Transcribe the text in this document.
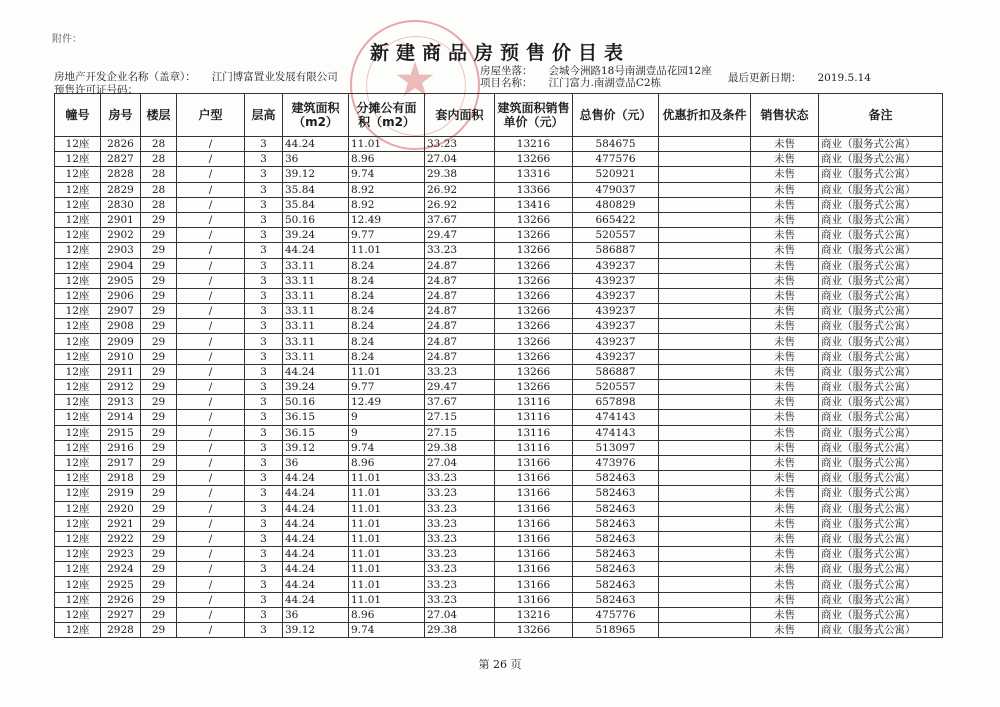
附件：
★
新建商品房预售价目表
房地产开发企业名称（盖章）： 江门博富置业发展有限公司
预售许可证号码：
房屋坐落： 会城今洲路18号南湖壹品花园12座
项目名称： 江门富力.南湖壹品C2栋	最后更新日期： 2019.5.14
幢号	房号	楼层	户型	层高	建筑面积（m2）	分摊公有面积（m2）	套内面积	建筑面积销售单价（元）	总售价（元）	优惠折扣及条件	销售状态	备注
12座	2826	28	/	3	44.24	11.01	33.23	13216	584675		未售	商业（服务式公寓）
12座	2827	28	/	3	36	8.96	27.04	13266	477576		未售	商业（服务式公寓）
12座	2828	28	/	3	39.12	9.74	29.38	13316	520921		未售	商业（服务式公寓）
12座	2829	28	/	3	35.84	8.92	26.92	13366	479037		未售	商业（服务式公寓）
12座	2830	28	/	3	35.84	8.92	26.92	13416	480829		未售	商业（服务式公寓）
12座	2901	29	/	3	50.16	12.49	37.67	13266	665422		未售	商业（服务式公寓）
12座	2902	29	/	3	39.24	9.77	29.47	13266	520557		未售	商业（服务式公寓）
12座	2903	29	/	3	44.24	11.01	33.23	13266	586887		未售	商业（服务式公寓）
12座	2904	29	/	3	33.11	8.24	24.87	13266	439237		未售	商业（服务式公寓）
12座	2905	29	/	3	33.11	8.24	24.87	13266	439237		未售	商业（服务式公寓）
12座	2906	29	/	3	33.11	8.24	24.87	13266	439237		未售	商业（服务式公寓）
12座	2907	29	/	3	33.11	8.24	24.87	13266	439237		未售	商业（服务式公寓）
12座	2908	29	/	3	33.11	8.24	24.87	13266	439237		未售	商业（服务式公寓）
12座	2909	29	/	3	33.11	8.24	24.87	13266	439237		未售	商业（服务式公寓）
12座	2910	29	/	3	33.11	8.24	24.87	13266	439237		未售	商业（服务式公寓）
12座	2911	29	/	3	44.24	11.01	33.23	13266	586887		未售	商业（服务式公寓）
12座	2912	29	/	3	39.24	9.77	29.47	13266	520557		未售	商业（服务式公寓）
12座	2913	29	/	3	50.16	12.49	37.67	13116	657898		未售	商业（服务式公寓）
12座	2914	29	/	3	36.15	9	27.15	13116	474143		未售	商业（服务式公寓）
12座	2915	29	/	3	36.15	9	27.15	13116	474143		未售	商业（服务式公寓）
12座	2916	29	/	3	39.12	9.74	29.38	13116	513097		未售	商业（服务式公寓）
12座	2917	29	/	3	36	8.96	27.04	13166	473976		未售	商业（服务式公寓）
12座	2918	29	/	3	44.24	11.01	33.23	13166	582463		未售	商业（服务式公寓）
12座	2919	29	/	3	44.24	11.01	33.23	13166	582463		未售	商业（服务式公寓）
12座	2920	29	/	3	44.24	11.01	33.23	13166	582463		未售	商业（服务式公寓）
12座	2921	29	/	3	44.24	11.01	33.23	13166	582463		未售	商业（服务式公寓）
12座	2922	29	/	3	44.24	11.01	33.23	13166	582463		未售	商业（服务式公寓）
12座	2923	29	/	3	44.24	11.01	33.23	13166	582463		未售	商业（服务式公寓）
12座	2924	29	/	3	44.24	11.01	33.23	13166	582463		未售	商业（服务式公寓）
12座	2925	29	/	3	44.24	11.01	33.23	13166	582463		未售	商业（服务式公寓）
12座	2926	29	/	3	44.24	11.01	33.23	13166	582463		未售	商业（服务式公寓）
12座	2927	29	/	3	36	8.96	27.04	13216	475776		未售	商业（服务式公寓）
12座	2928	29	/	3	39.12	9.74	29.38	13266	518965		未售	商业（服务式公寓）
第 26 页
